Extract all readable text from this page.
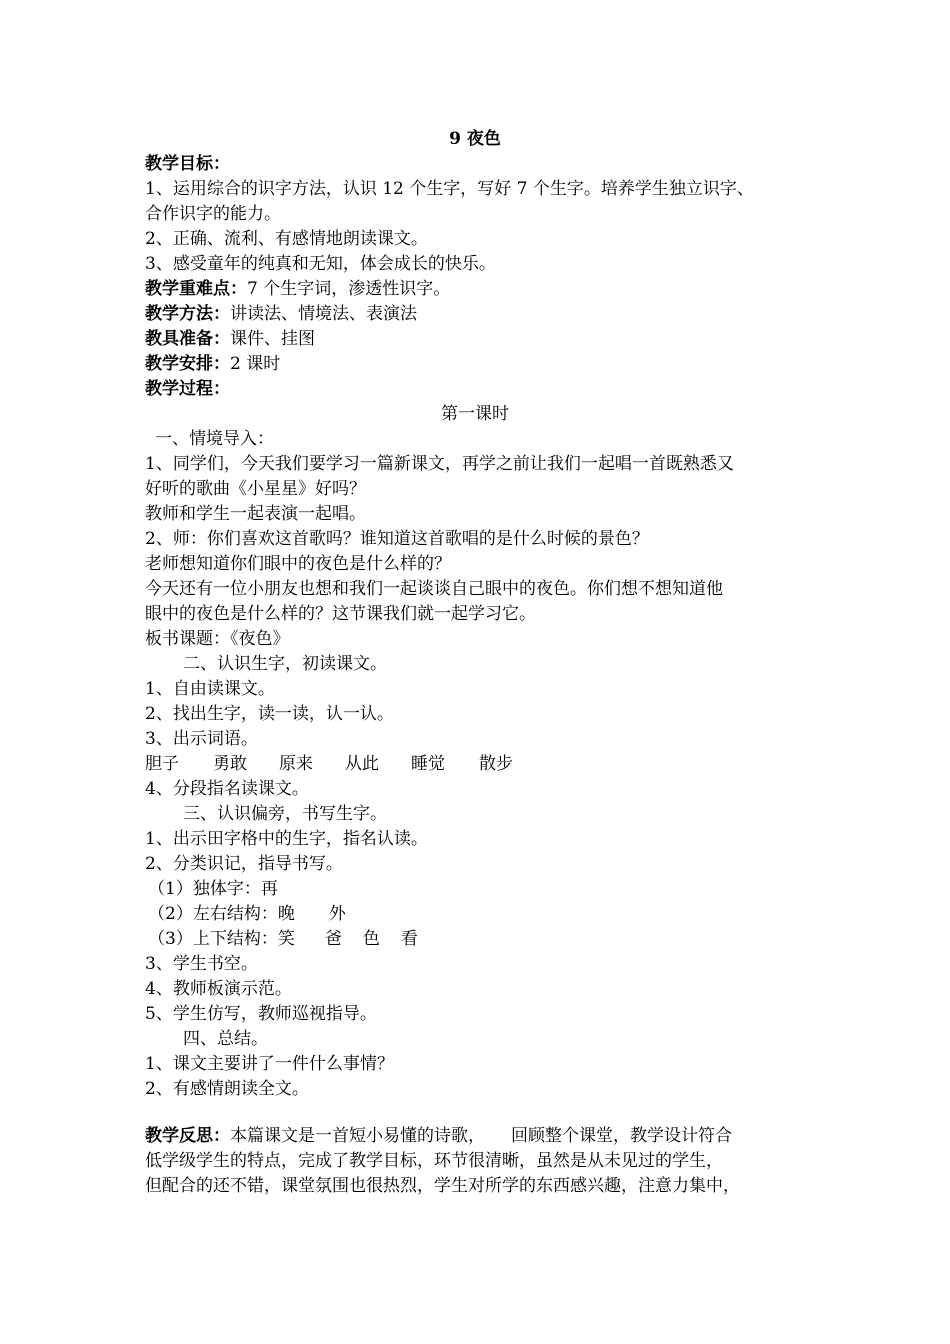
9 夜色
教学目标：
1、运用综合的识字方法，认识 12 个生字，写好 7 个生字。培养学生独立识字、
合作识字的能力。
2、正确、流利、有感情地朗读课文。
3、感受童年的纯真和无知，体会成长的快乐。
教学重难点：7 个生字词，渗透性识字。
教学方法：讲读法、情境法、表演法
教具准备：课件、挂图
教学安排：2 课时
教学过程：
第一课时
一、情境导入：
1、同学们，今天我们要学习一篇新课文，再学之前让我们一起唱一首既熟悉又
好听的歌曲《小星星》好吗？
教师和学生一起表演一起唱。
2、师：你们喜欢这首歌吗？谁知道这首歌唱的是什么时候的景色？
老师想知道你们眼中的夜色是什么样的？
今天还有一位小朋友也想和我们一起谈谈自己眼中的夜色。你们想不想知道他
眼中的夜色是什么样的？这节课我们就一起学习它。
板书课题：《夜色》
二、认识生字，初读课文。
1、自由读课文。
2、找出生字，读一读，认一认。
3、出示词语。
胆子 勇敢 原来 从此 睡觉 散步
4、分段指名读课文。
三、认识偏旁，书写生字。
1、出示田字格中的生字，指名认读。
2、分类识记，指导书写。
（1）独体字：再
（2）左右结构：晚 外
（3）上下结构：笑 爸 色 看
3、学生书空。
4、教师板演示范。
5、学生仿写，教师巡视指导。
四、总结。
1、课文主要讲了一件什么事情？
2、有感情朗读全文。
教学反思：本篇课文是一首短小易懂的诗歌， 回顾整个课堂，教学设计符合
低学级学生的特点，完成了教学目标，环节很清晰，虽然是从未见过的学生，
但配合的还不错，课堂氛围也很热烈，学生对所学的东西感兴趣，注意力集中，
